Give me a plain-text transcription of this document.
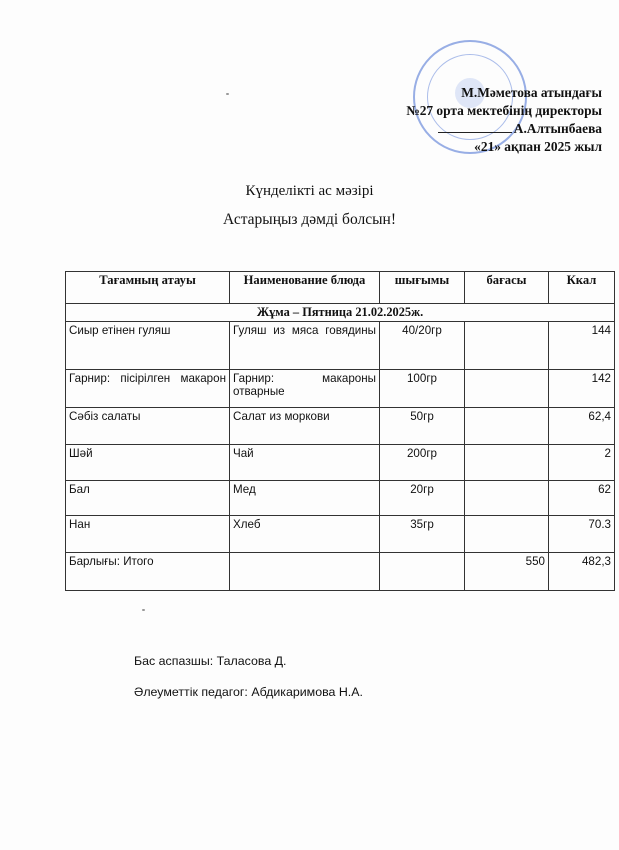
М.Мәметова атындағы
№27 орта мектебінің директоры
А.Алтынбаева
«21» ақпан 2025 жыл
Күнделікті ас мәзірі
Астарыңыз дәмді болсын!
Тағамның атауы	Наименование блюда	шығымы	бағасы	Ккал
Жұма – Пятница 21.02.2025ж.				
Сиыр етінен гуляш	Гуляш из мяса говядины	40/20гр		144
Гарнир: пісірілген макарон	Гарнир: макароны отварные	100гр		142
Сәбіз салаты	Салат из моркови	50гр		62,4
Шәй	Чай	200гр		2
Бал	Мед	20гр		62
Нан	Хлеб	35гр		70.3
Барлығы: Итого			550	482,3
Бас аспазшы: Таласова Д.
Әлеуметтік педагог: Абдикаримова Н.А.
